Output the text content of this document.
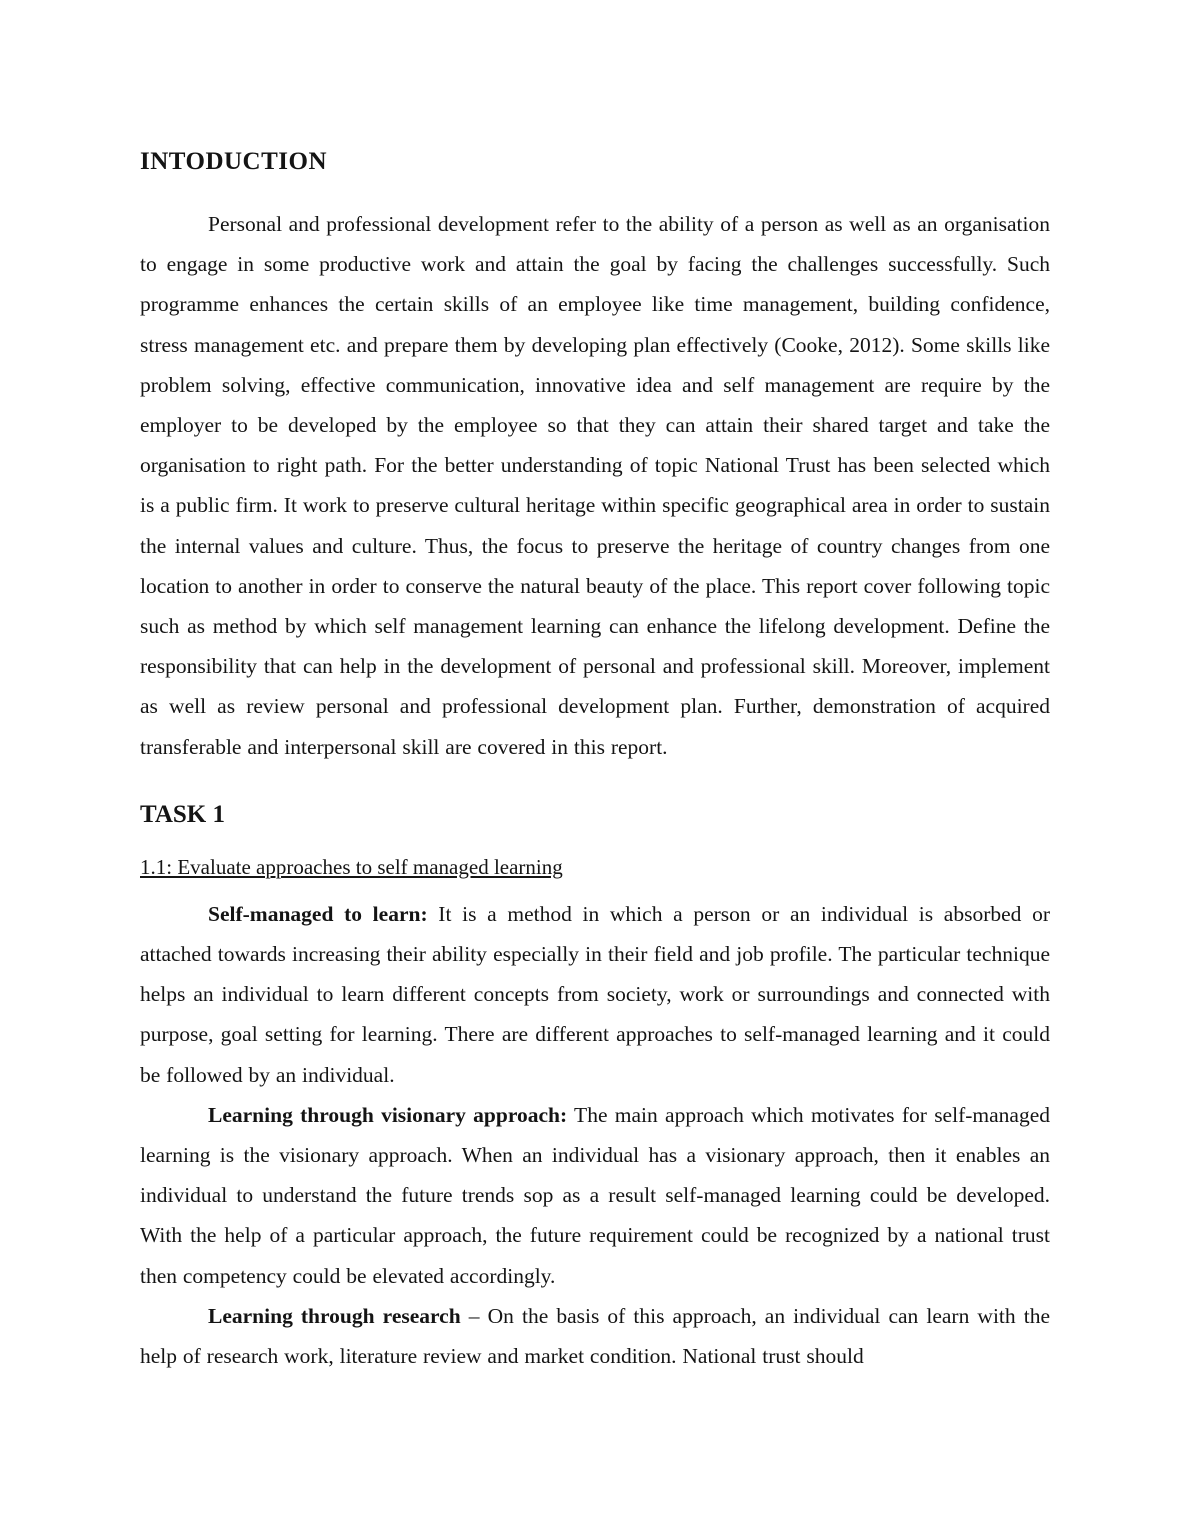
INTODUCTION

Personal and professional development refer to the ability of a person as well as an organisation to engage in some productive work and attain the goal by facing the challenges successfully. Such programme enhances the certain skills of an employee like time management, building confidence, stress management etc. and prepare them by developing plan effectively (Cooke, 2012). Some skills like problem solving, effective communication, innovative idea and self management are require by the employer to be developed by the employee so that they can attain their shared target and take the organisation to right path. For the better understanding of topic National Trust has been selected which is a public firm. It work to preserve cultural heritage within specific geographical area in order to sustain the internal values and culture. Thus, the focus to preserve the heritage of country changes from one location to another in order to conserve the natural beauty of the place. This report cover following topic such as method by which self management learning can enhance the lifelong development. Define the responsibility that can help in the development of personal and professional skill. Moreover, implement as well as review personal and professional development plan. Further, demonstration of acquired transferable and interpersonal skill are covered in this report.

TASK 1
1.1: Evaluate approaches to self managed learning

Self-managed to learn: It is a method in which a person or an individual is absorbed or attached towards increasing their ability especially in their field and job profile. The particular technique helps an individual to learn different concepts from society, work or surroundings and connected with purpose, goal setting for learning. There are different approaches to self-managed learning and it could be followed by an individual.

Learning through visionary approach: The main approach which motivates for self-managed learning is the visionary approach. When an individual has a visionary approach, then it enables an individual to understand the future trends sop as a result self-managed learning could be developed. With the help of a particular approach, the future requirement could be recognized by a national trust then competency could be elevated accordingly.

Learning through research – On the basis of this approach, an individual can learn with the help of research work, literature review and market condition. National trust should
